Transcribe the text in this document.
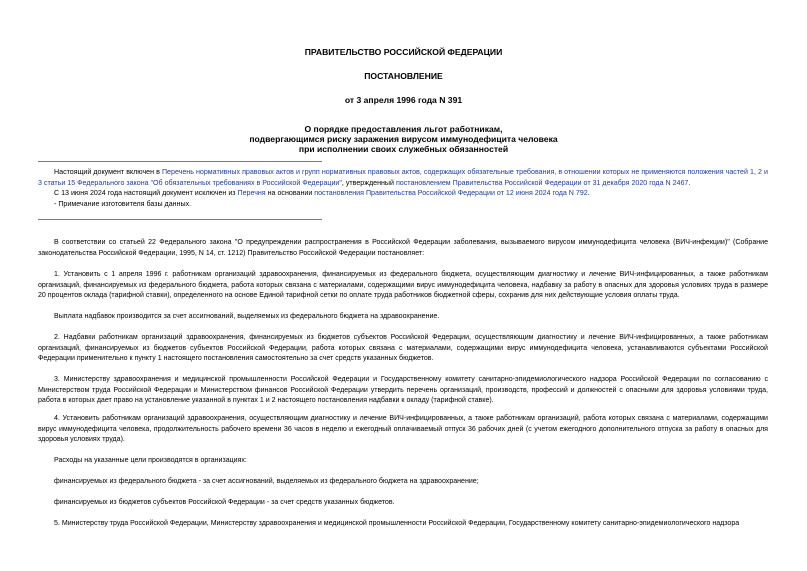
ПРАВИТЕЛЬСТВО РОССИЙСКОЙ ФЕДЕРАЦИИ
ПОСТАНОВЛЕНИЕ
от 3 апреля 1996 года N 391
О порядке предоставления льгот работникам,
подвергающимся риску заражения вирусом иммунодефицита человека
при исполнении своих служебных обязанностей

Настоящий документ включен в Перечень нормативных правовых актов и групп нормативных правовых актов, содержащих обязательные требования, в отношении которых не применяются положения частей 1, 2 и 3 статьи 15 Федерального закона "Об обязательных требованиях в Российской Федерации", утвержденный постановлением Правительства Российской Федерации от 31 декабря 2020 года N 2467.

С 13 июня 2024 года настоящий документ исключен из Перечня на основании постановления Правительства Российской Федерации от 12 июня 2024 года N 792.

- Примечание изготовителя базы данных.

В соответствии со статьей 22 Федерального закона "О предупреждении распространения в Российской Федерации заболевания, вызываемого вирусом иммунодефицита человека (ВИЧ-инфекции)" (Собрание законодательства Российской Федерации, 1995, N 14, ст. 1212) Правительство Российской Федерации постановляет:

1. Установить с 1 апреля 1996 г. работникам организаций здравоохранения, финансируемых из федерального бюджета, осуществляющим диагностику и лечение ВИЧ-инфицированных, а также работникам организаций, финансируемых из федерального бюджета, работа которых связана с материалами, содержащими вирус иммунодефицита человека, надбавку за работу в опасных для здоровья условиях труда в размере 20 процентов оклада (тарифной ставки), определенного на основе Единой тарифной сетки по оплате труда работников бюджетной сферы, сохранив для них действующие условия оплаты труда.

Выплата надбавок производится за счет ассигнований, выделяемых из федерального бюджета на здравоохранение.

2. Надбавки работникам организаций здравоохранения, финансируемых из бюджетов субъектов Российской Федерации, осуществляющим диагностику и лечение ВИЧ-инфицированных, а также работникам организаций, финансируемых из бюджетов субъектов Российской Федерации, работа которых связана с материалами, содержащими вирус иммунодефицита человека, устанавливаются субъектами Российской Федерации применительно к пункту 1 настоящего постановления самостоятельно за счет средств указанных бюджетов.

3. Министерству здравоохранения и медицинской промышленности Российской Федерации и Государственному комитету санитарно-эпидемиологического надзора Российской Федерации по согласованию с Министерством труда Российской Федерации и Министерством финансов Российской Федерации утвердить перечень организаций, производств, профессий и должностей с опасными для здоровья условиями труда, работа в которых дает право на установление указанной в пунктах 1 и 2 настоящего постановления надбавки к окладу (тарифной ставке).

4. Установить работникам организаций здравоохранения, осуществляющим диагностику и лечение ВИЧ-инфицированных, а также работникам организаций, работа которых связана с материалами, содержащими вирус иммунодефицита человека, продолжительность рабочего времени 36 часов в неделю и ежегодный оплачиваемый отпуск 36 рабочих дней (с учетом ежегодного дополнительного отпуска за работу в опасных для здоровья условиях труда).

Расходы на указанные цели производятся в организациях:

финансируемых из федерального бюджета - за счет ассигнований, выделяемых из федерального бюджета на здравоохранение;

финансируемых из бюджетов субъектов Российской Федерации - за счет средств указанных бюджетов.

5. Министерству труда Российской Федерации, Министерству здравоохранения и медицинской промышленности Российской Федерации, Государственному комитету санитарно-эпидемиологического надзора
